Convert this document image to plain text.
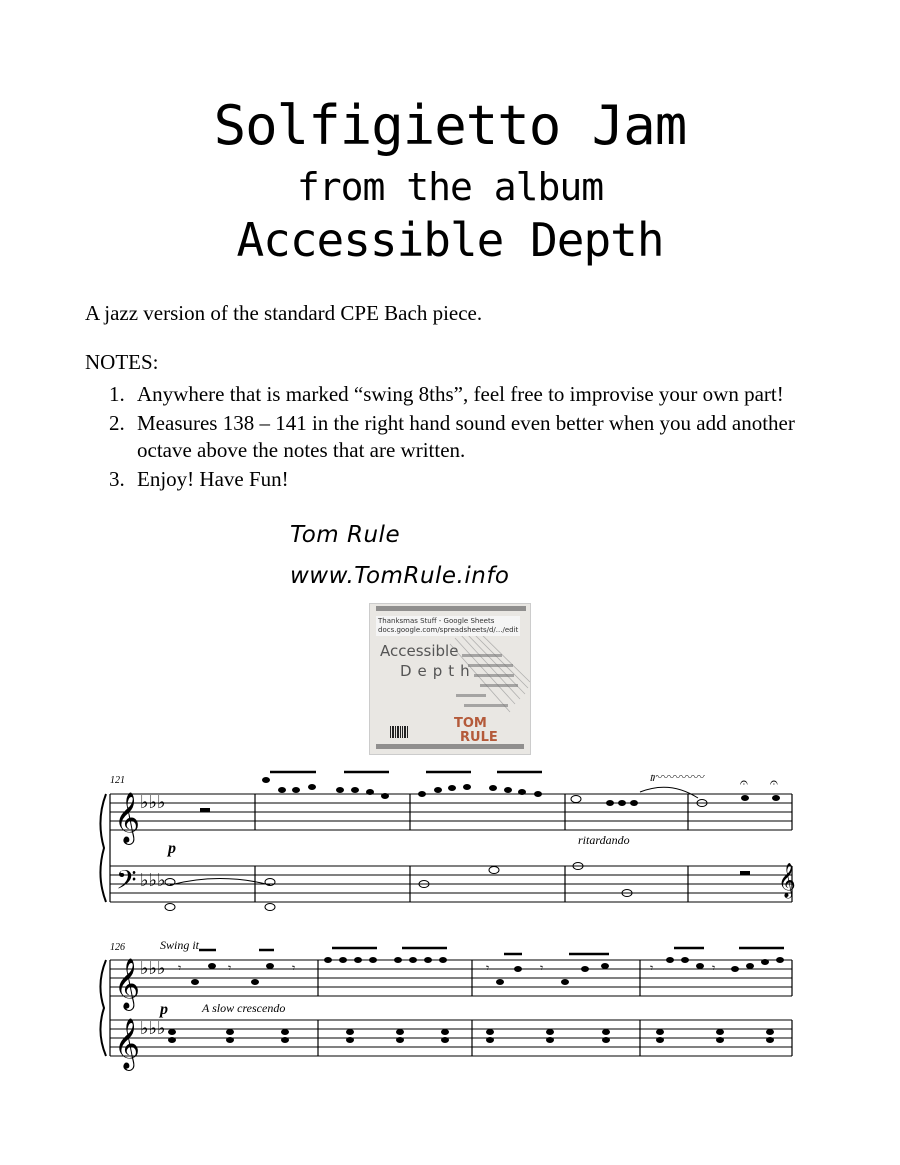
Solfigietto Jam
from the album
Accessible Depth
A jazz version of the standard CPE Bach piece.
NOTES:
1. Anywhere that is marked “swing 8ths”, feel free to improvise your own part!
2. Measures 138 – 141 in the right hand sound even better when you add another octave above the notes that are written.
3. Enjoy! Have Fun!
Tom Rule
www.TomRule.info
Thanksmas Stuff - Google Sheets
docs.google.com/spreadsheets/d/.../edit
Accessible
Depth
TOM
RULE
𝄞
𝄢
♭♭♭
♭♭♭	𝄞
𝆖〰〰〰〰	𝄐 𝄐
121
p	ritardando
𝄞
𝄞
♭♭♭
♭♭♭
𝄾	𝄾	𝄾	𝄾	𝄾	𝄾	𝄾
126	Swing it
p	A slow crescendo
